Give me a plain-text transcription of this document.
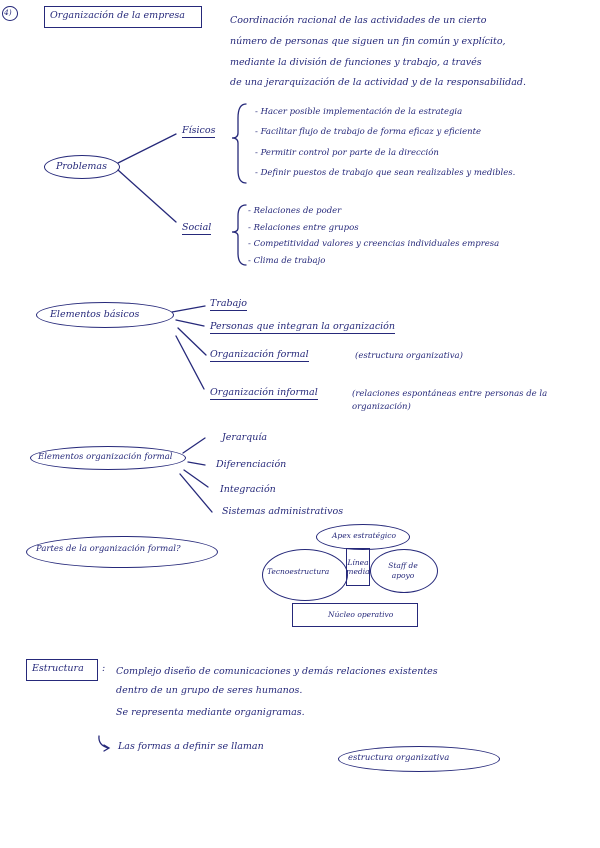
4)	Organización de la empresa	Coordinación racional de las actividades de un cierto
número de personas que siguen un fin común y explícito,
mediante la división de funciones y trabajo, a través
de una jerarquización de la actividad y de la responsabilidad.
Problemas
Físicos
- Hacer posible implementación de la estrategia
- Facilitar flujo de trabajo de forma eficaz y eficiente
- Permitir control por parte de la dirección
- Definir puestos de trabajo que sean realizables y medibles.
Social
- Relaciones de poder
- Relaciones entre grupos
- Competitividad valores y creencias individuales empresa
- Clima de trabajo
Elementos básicos
Trabajo
Personas que integran la organización
Organización formal	(estructura organizativa)
Organización informal	(relaciones espontáneas entre personas de la organización)
Elementos organización formal
Jerarquía
Diferenciación
Integración
Sistemas administrativos
Partes de la organización formal?
Apex estratégico
Tecnoestructura
Línea media
Staff de apoyo
Núcleo operativo
Estructura : Complejo diseño de comunicaciones y demás relaciones existentes
dentro de un grupo de seres humanos.
Se representa mediante organigramas.
Las formas a definir se llaman
estructura organizativa
